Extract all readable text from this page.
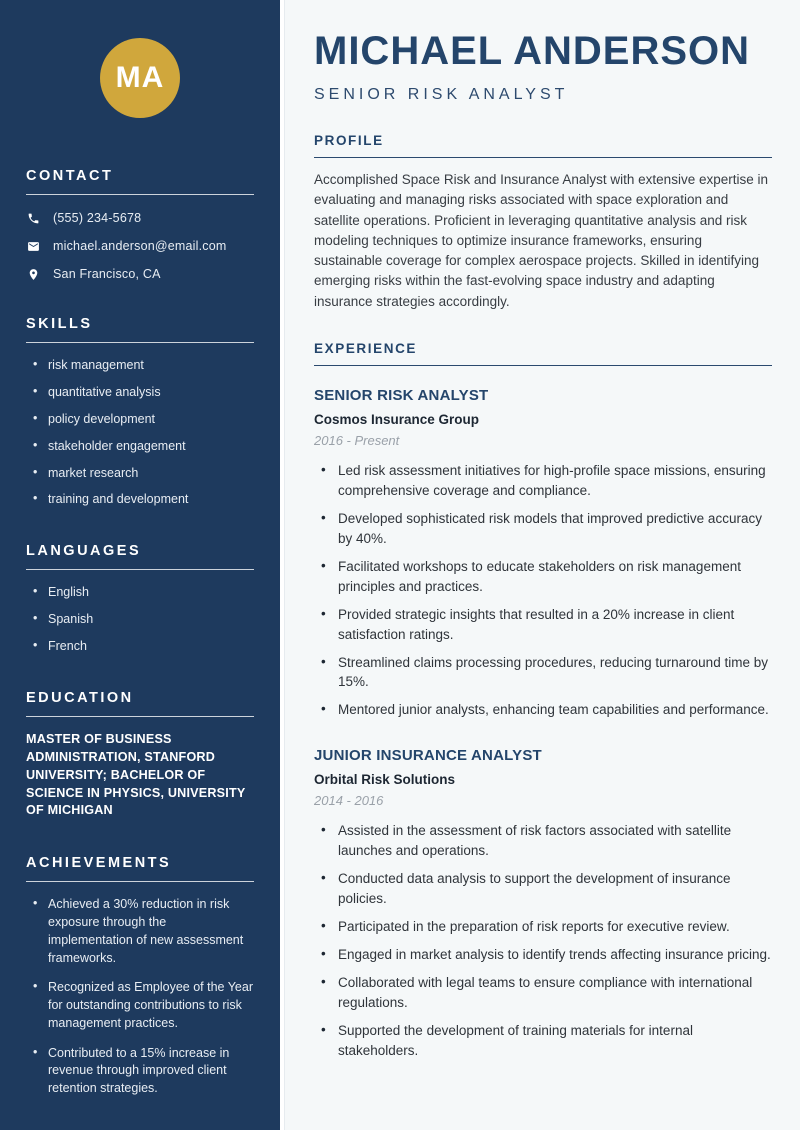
MA
CONTACT
(555) 234-5678
michael.anderson@email.com
San Francisco, CA
SKILLS
• risk management
• quantitative analysis
• policy development
• stakeholder engagement
• market research
• training and development
LANGUAGES
• English
• Spanish
• French
EDUCATION

MASTER OF BUSINESS ADMINISTRATION, STANFORD UNIVERSITY; BACHELOR OF SCIENCE IN PHYSICS, UNIVERSITY OF MICHIGAN

ACHIEVEMENTS
• Achieved a 30% reduction in risk exposure through the implementation of new assessment frameworks.
• Recognized as Employee of the Year for outstanding contributions to risk management practices.
• Contributed to a 15% increase in revenue through improved client retention strategies.
MICHAEL ANDERSON
SENIOR RISK ANALYST
PROFILE

Accomplished Space Risk and Insurance Analyst with extensive expertise in evaluating and managing risks associated with space exploration and satellite operations. Proficient in leveraging quantitative analysis and risk modeling techniques to optimize insurance frameworks, ensuring sustainable coverage for complex aerospace projects. Skilled in identifying emerging risks within the fast-evolving space industry and adapting insurance strategies accordingly.

EXPERIENCE
SENIOR RISK ANALYST
Cosmos Insurance Group
2016 - Present
• Led risk assessment initiatives for high-profile space missions, ensuring comprehensive coverage and compliance.
• Developed sophisticated risk models that improved predictive accuracy by 40%.
• Facilitated workshops to educate stakeholders on risk management principles and practices.
• Provided strategic insights that resulted in a 20% increase in client satisfaction ratings.
• Streamlined claims processing procedures, reducing turnaround time by 15%.
• Mentored junior analysts, enhancing team capabilities and performance.
JUNIOR INSURANCE ANALYST
Orbital Risk Solutions
2014 - 2016
• Assisted in the assessment of risk factors associated with satellite launches and operations.
• Conducted data analysis to support the development of insurance policies.
• Participated in the preparation of risk reports for executive review.
• Engaged in market analysis to identify trends affecting insurance pricing.
• Collaborated with legal teams to ensure compliance with international regulations.
• Supported the development of training materials for internal stakeholders.
